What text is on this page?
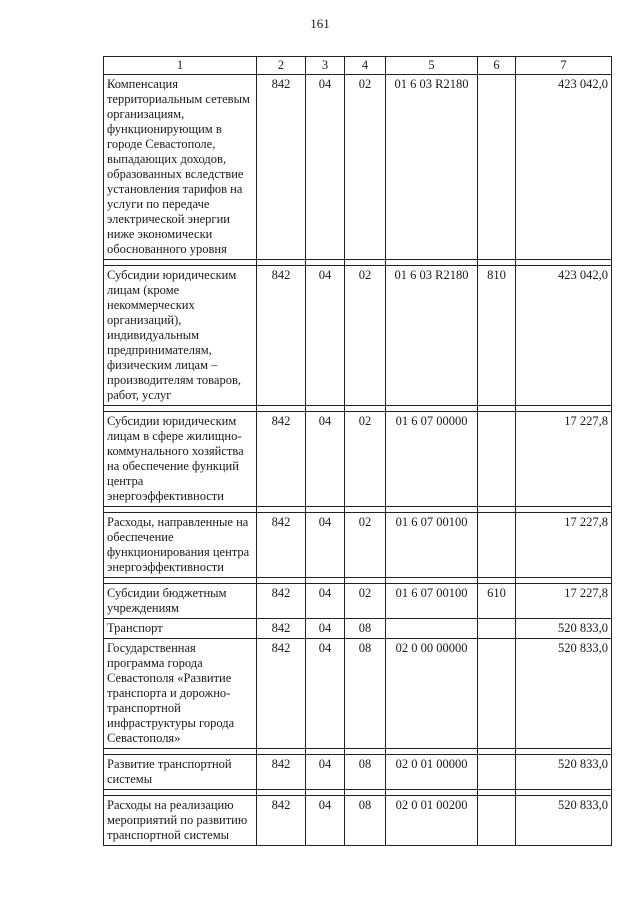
161
1	2	3	4	5	6	7
Компенсация территориальным сетевым организациям, функционирующим в городе Севастополе, выпадающих доходов, образованных вследствие установления тарифов на услуги по передаче электрической энергии ниже экономически обоснованного уровня	842	04	02	01 6 03 R2180		423 042,0

Субсидии юридическим лицам (кроме некоммерческих организаций), индивидуальным предпринимателям, физическим лицам – производителям товаров, работ, услуг	842	04	02	01 6 03 R2180	810	423 042,0

Субсидии юридическим лицам в сфере жилищно-коммунального хозяйства на обеспечение функций центра энергоэффективности	842	04	02	01 6 07 00000		17 227,8

Расходы, направленные на обеспечение функционирования центра энергоэффективности	842	04	02	01 6 07 00100		17 227,8

Субсидии бюджетным учреждениям	842	04	02	01 6 07 00100	610	17 227,8
Транспорт	842	04	08			520 833,0
Государственная программа города Севастополя «Развитие транспорта и дорожно-транспортной инфраструктуры города Севастополя»	842	04	08	02 0 00 00000		520 833,0

Развитие транспортной системы	842	04	08	02 0 01 00000		520 833,0

Расходы на реализацию мероприятий по развитию транспортной системы	842	04	08	02 0 01 00200		520 833,0
